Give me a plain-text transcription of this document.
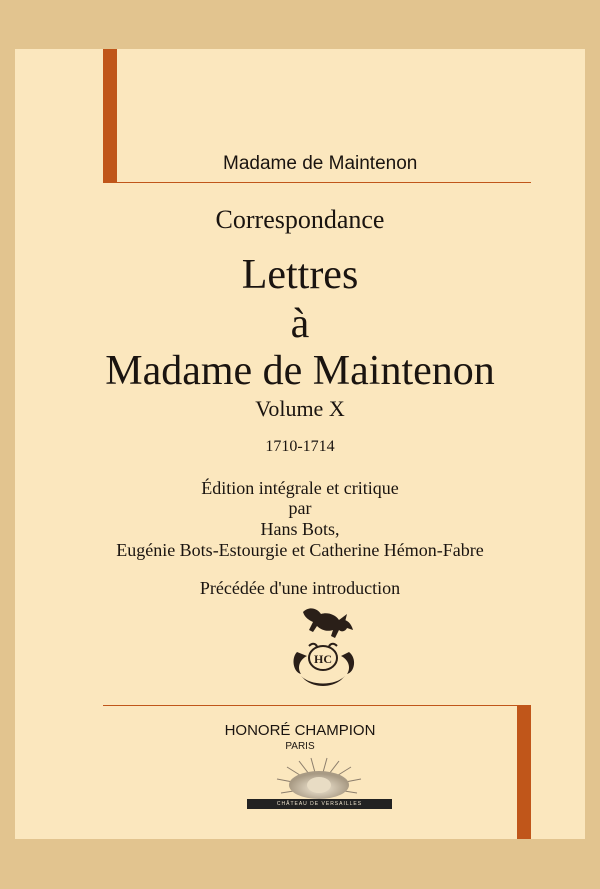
Madame de Maintenon
Correspondance
Lettres
à
Madame de Maintenon
Volume X
1710-1714
Édition intégrale et critique
par
Hans Bots,
Eugénie Bots-Estourgie et Catherine Hémon-Fabre
Précédée d'une introduction
HC
HONORÉ CHAMPION
PARIS
CHÂTEAU DE VERSAILLES
